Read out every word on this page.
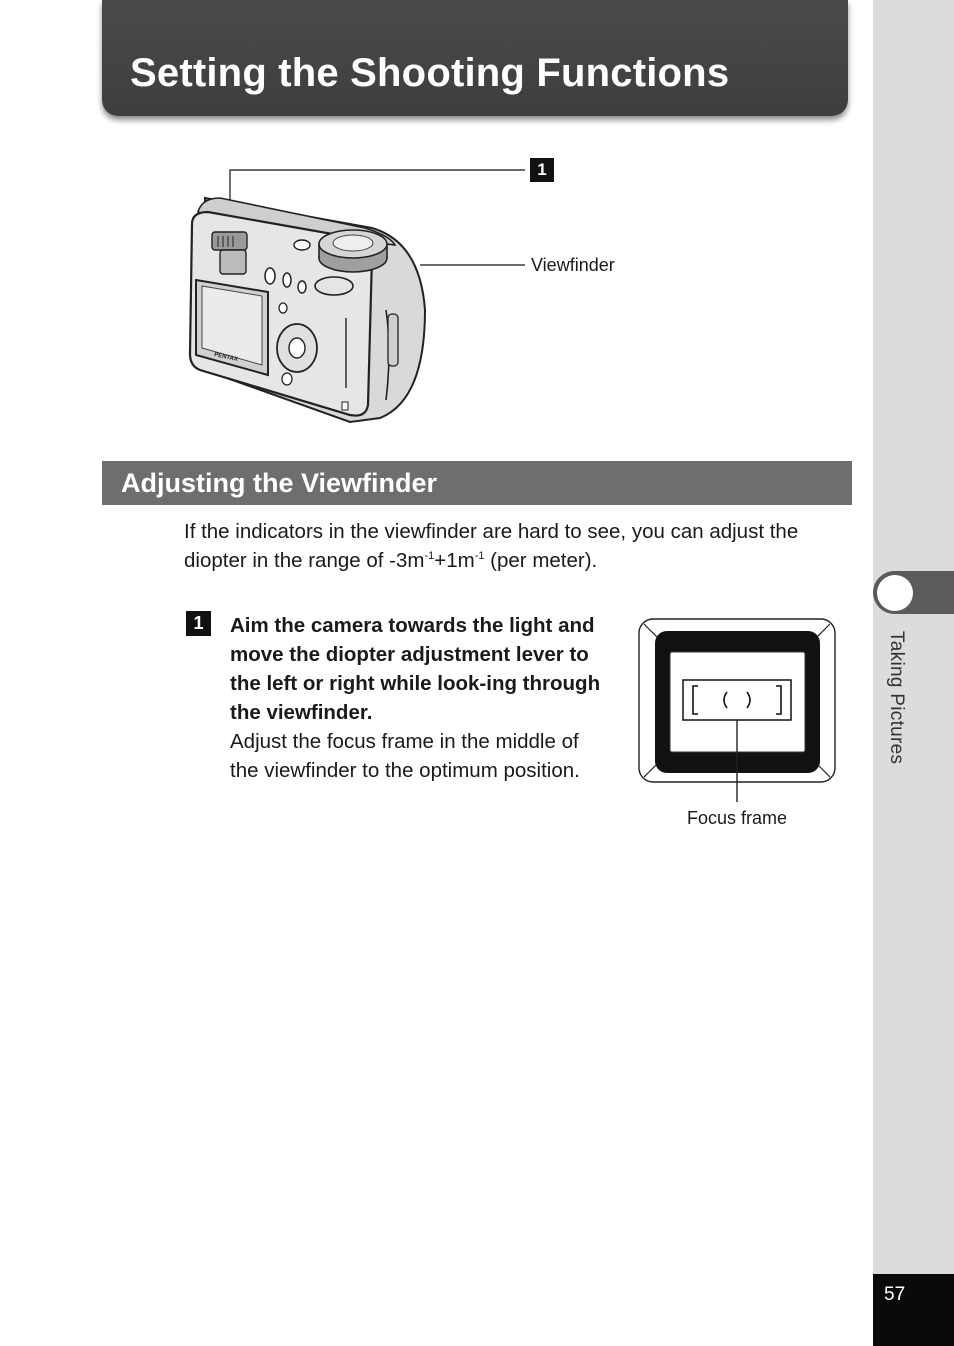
Setting the Shooting Functions
Taking Pictures
57
PENTAX
1
Viewfinder
Adjusting the Viewfinder

If the indicators in the viewfinder are hard to see, you can adjust the diopter in the range of $-3m^{-1}+1m^{-1}$ (per meter).

1	Aim the camera towards the light and move the diopter adjustment lever to the left or right while look-ing through the viewfinder.
Adjust the focus frame in the middle of the viewfinder to the optimum position.

Focus frame
